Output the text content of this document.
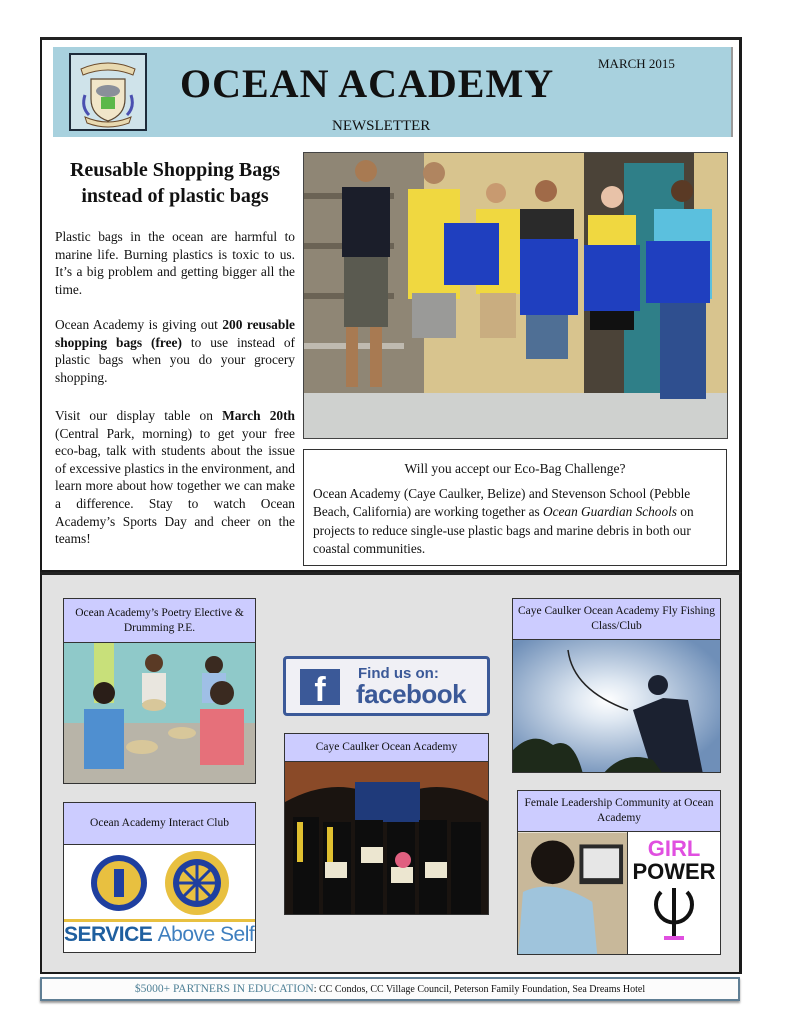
OCEAN ACADEMY	MARCH 2015
NEWSLETTER
Reusable Shopping Bags instead of plastic bags
Plastic bags in the ocean are harmful to marine life. Burning plastics is toxic to us. It’s a big problem and getting bigger all the time.
Ocean Academy is giving out 200 reusable shopping bags (free) to use instead of plastic bags when you do your grocery shopping.
Visit our display table on March 20th (Central Park, morning) to get your free eco-bag, talk with students about the issue of excessive plastics in the environment, and learn more about how together we can make a difference. Stay to watch Ocean Academy’s Sports Day and cheer on the teams!
Will you accept our Eco-Bag Challenge?
Ocean Academy (Caye Caulker, Belize) and Stevenson School (Pebble Beach, California) are working together as Ocean Guardian Schools on projects to reduce single-use plastic bags and marine debris in both our coastal communities.
Ocean Academy’s Poetry Elective & Drumming P.E.
f	Find us on:
facebook
Caye Caulker Ocean Academy
Caye Caulker Ocean Academy Fly Fishing Class/Club
Ocean Academy Interact Club
SERVICE Above Self
Female Leadership Community at Ocean Academy
GIRL
POWER
$5000+ PARTNERS IN EDUCATION: CC Condos, CC Village Council, Peterson Family Foundation, Sea Dreams Hotel
